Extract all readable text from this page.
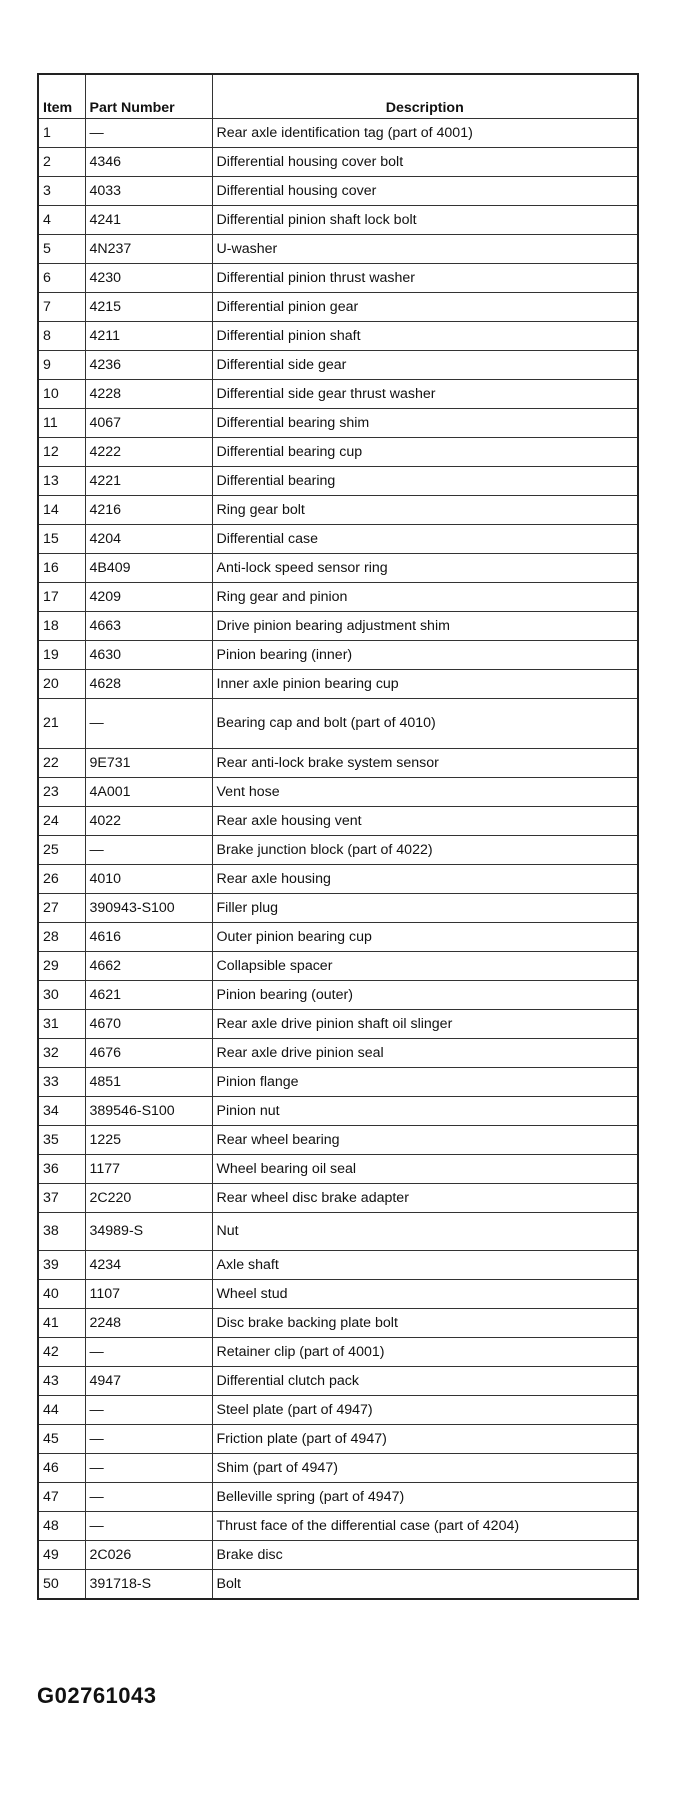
Item	Part Number	Description
1	—	Rear axle identification tag (part of 4001)
2	4346	Differential housing cover bolt
3	4033	Differential housing cover
4	4241	Differential pinion shaft lock bolt
5	4N237	U-washer
6	4230	Differential pinion thrust washer
7	4215	Differential pinion gear
8	4211	Differential pinion shaft
9	4236	Differential side gear
10	4228	Differential side gear thrust washer
11	4067	Differential bearing shim
12	4222	Differential bearing cup
13	4221	Differential bearing
14	4216	Ring gear bolt
15	4204	Differential case
16	4B409	Anti-lock speed sensor ring
17	4209	Ring gear and pinion
18	4663	Drive pinion bearing adjustment shim
19	4630	Pinion bearing (inner)
20	4628	Inner axle pinion bearing cup
21	—	Bearing cap and bolt (part of 4010)
22	9E731	Rear anti-lock brake system sensor
23	4A001	Vent hose
24	4022	Rear axle housing vent
25	—	Brake junction block (part of 4022)
26	4010	Rear axle housing
27	390943-S100	Filler plug
28	4616	Outer pinion bearing cup
29	4662	Collapsible spacer
30	4621	Pinion bearing (outer)
31	4670	Rear axle drive pinion shaft oil slinger
32	4676	Rear axle drive pinion seal
33	4851	Pinion flange
34	389546-S100	Pinion nut
35	1225	Rear wheel bearing
36	1177	Wheel bearing oil seal
37	2C220	Rear wheel disc brake adapter
38	34989-S	Nut
39	4234	Axle shaft
40	1107	Wheel stud
41	2248	Disc brake backing plate bolt
42	—	Retainer clip (part of 4001)
43	4947	Differential clutch pack
44	—	Steel plate (part of 4947)
45	—	Friction plate (part of 4947)
46	—	Shim (part of 4947)
47	—	Belleville spring (part of 4947)
48	—	Thrust face of the differential case (part of 4204)
49	2C026	Brake disc
50	391718-S	Bolt
G02761043
